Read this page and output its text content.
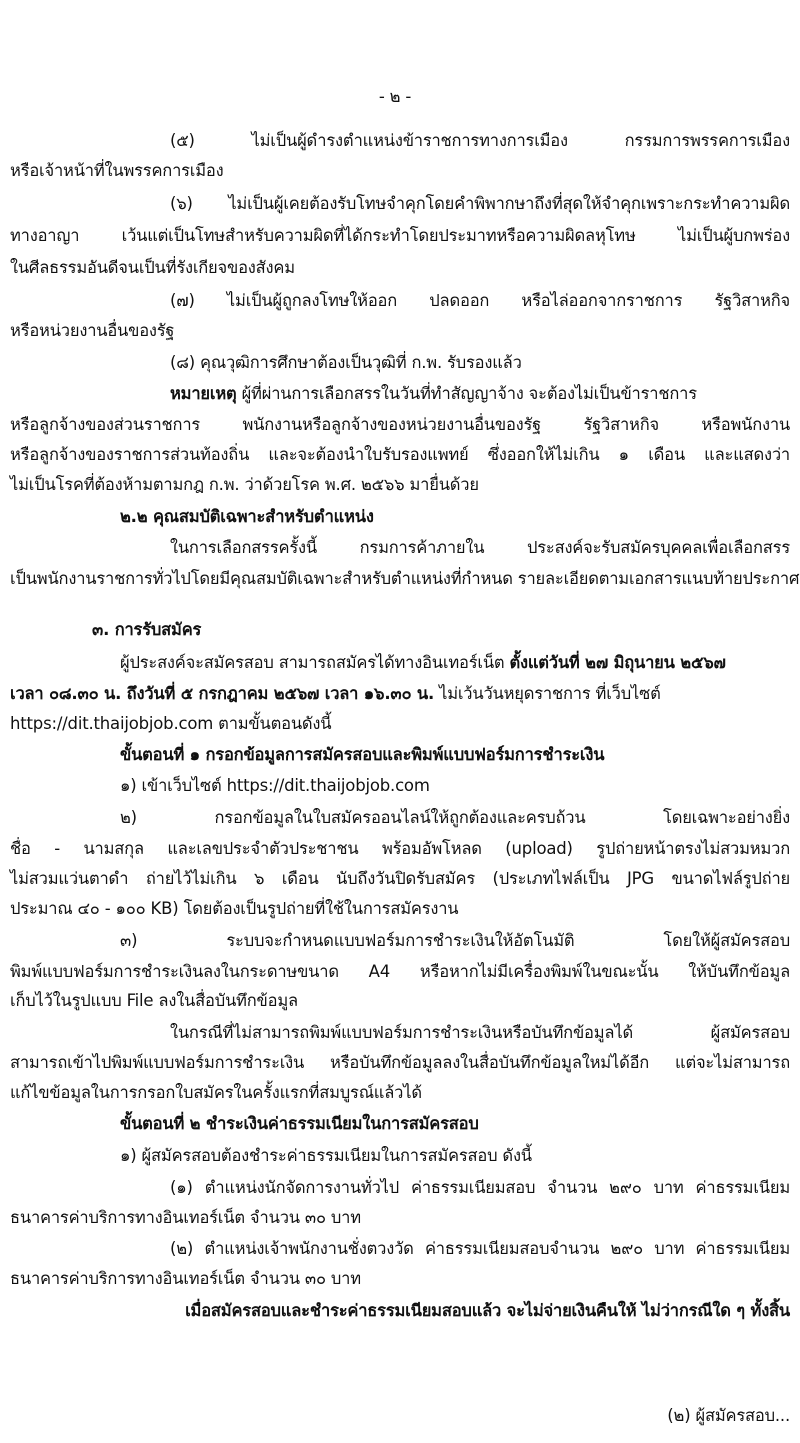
- ๒ -
(๕) ไม่เป็นผู้ดำรงตำแหน่งข้าราชการทางการเมือง กรรมการพรรคการเมือง
หรือเจ้าหน้าที่ในพรรคการเมือง
(๖) ไม่เป็นผู้เคยต้องรับโทษจำคุกโดยคำพิพากษาถึงที่สุดให้จำคุกเพราะกระทำความผิด
ทางอาญา เว้นแต่เป็นโทษสำหรับความผิดที่ได้กระทำโดยประมาทหรือความผิดลหุโทษ ไม่เป็นผู้บกพร่อง
ในศีลธรรมอันดีจนเป็นที่รังเกียจของสังคม
(๗) ไม่เป็นผู้ถูกลงโทษให้ออก ปลดออก หรือไล่ออกจากราชการ รัฐวิสาหกิจ
หรือหน่วยงานอื่นของรัฐ
(๘) คุณวุฒิการศึกษาต้องเป็นวุฒิที่ ก.พ. รับรองแล้ว
หมายเหตุ ผู้ที่ผ่านการเลือกสรรในวันที่ทำสัญญาจ้าง จะต้องไม่เป็นข้าราชการ
หรือลูกจ้างของส่วนราชการ พนักงานหรือลูกจ้างของหน่วยงานอื่นของรัฐ รัฐวิสาหกิจ หรือพนักงาน
หรือลูกจ้างของราชการส่วนท้องถิ่น และจะต้องนำใบรับรองแพทย์ ซึ่งออกให้ไม่เกิน ๑ เดือน และแสดงว่า
ไม่เป็นโรคที่ต้องห้ามตามกฎ ก.พ. ว่าด้วยโรค พ.ศ. ๒๕๖๖ มายื่นด้วย
๒.๒ คุณสมบัติเฉพาะสำหรับตำแหน่ง
ในการเลือกสรรครั้งนี้ กรมการค้าภายใน ประสงค์จะรับสมัครบุคคลเพื่อเลือกสรร
เป็นพนักงานราชการทั่วไปโดยมีคุณสมบัติเฉพาะสำหรับตำแหน่งที่กำหนด รายละเอียดตามเอกสารแนบท้ายประกาศ
๓. การรับสมัคร
ผู้ประสงค์จะสมัครสอบ สามารถสมัครได้ทางอินเทอร์เน็ต ตั้งแต่วันที่ ๒๗ มิถุนายน ๒๕๖๗
เวลา ๐๘.๓๐ น. ถึงวันที่ ๕ กรกฎาคม ๒๕๖๗ เวลา ๑๖.๓๐ น. ไม่เว้นวันหยุดราชการ ที่เว็บไซต์
https://dit.thaijobjob.com ตามขั้นตอนดังนี้
ขั้นตอนที่ ๑ กรอกข้อมูลการสมัครสอบและพิมพ์แบบฟอร์มการชำระเงิน
๑) เข้าเว็บไซต์ https://dit.thaijobjob.com
๒) กรอกข้อมูลในใบสมัครออนไลน์ให้ถูกต้องและครบถ้วน โดยเฉพาะอย่างยิ่ง
ชื่อ - นามสกุล และเลขประจำตัวประชาชน พร้อมอัพโหลด (upload) รูปถ่ายหน้าตรงไม่สวมหมวก
ไม่สวมแว่นตาดำ ถ่ายไว้ไม่เกิน ๖ เดือน นับถึงวันปิดรับสมัคร (ประเภทไฟล์เป็น JPG ขนาดไฟล์รูปถ่าย
ประมาณ ๔๐ - ๑๐๐ KB) โดยต้องเป็นรูปถ่ายที่ใช้ในการสมัครงาน
๓) ระบบจะกำหนดแบบฟอร์มการชำระเงินให้อัตโนมัติ โดยให้ผู้สมัครสอบ
พิมพ์แบบฟอร์มการชำระเงินลงในกระดาษขนาด A4 หรือหากไม่มีเครื่องพิมพ์ในขณะนั้น ให้บันทึกข้อมูล
เก็บไว้ในรูปแบบ File ลงในสื่อบันทึกข้อมูล
ในกรณีที่ไม่สามารถพิมพ์แบบฟอร์มการชำระเงินหรือบันทึกข้อมูลได้ ผู้สมัครสอบ
สามารถเข้าไปพิมพ์แบบฟอร์มการชำระเงิน หรือบันทึกข้อมูลลงในสื่อบันทึกข้อมูลใหม่ได้อีก แต่จะไม่สามารถ
แก้ไขข้อมูลในการกรอกใบสมัครในครั้งแรกที่สมบูรณ์แล้วได้
ขั้นตอนที่ ๒ ชำระเงินค่าธรรมเนียมในการสมัครสอบ
๑) ผู้สมัครสอบต้องชำระค่าธรรมเนียมในการสมัครสอบ ดังนี้
(๑) ตำแหน่งนักจัดการงานทั่วไป ค่าธรรมเนียมสอบ จำนวน ๒๙๐ บาท ค่าธรรมเนียม
ธนาคารค่าบริการทางอินเทอร์เน็ต จำนวน ๓๐ บาท
(๒) ตำแหน่งเจ้าพนักงานชั่งตวงวัด ค่าธรรมเนียมสอบจำนวน ๒๙๐ บาท ค่าธรรมเนียม
ธนาคารค่าบริการทางอินเทอร์เน็ต จำนวน ๓๐ บาท
เมื่อสมัครสอบและชำระค่าธรรมเนียมสอบแล้ว จะไม่จ่ายเงินคืนให้ ไม่ว่ากรณีใด ๆ ทั้งสิ้น
(๒) ผู้สมัครสอบ...
